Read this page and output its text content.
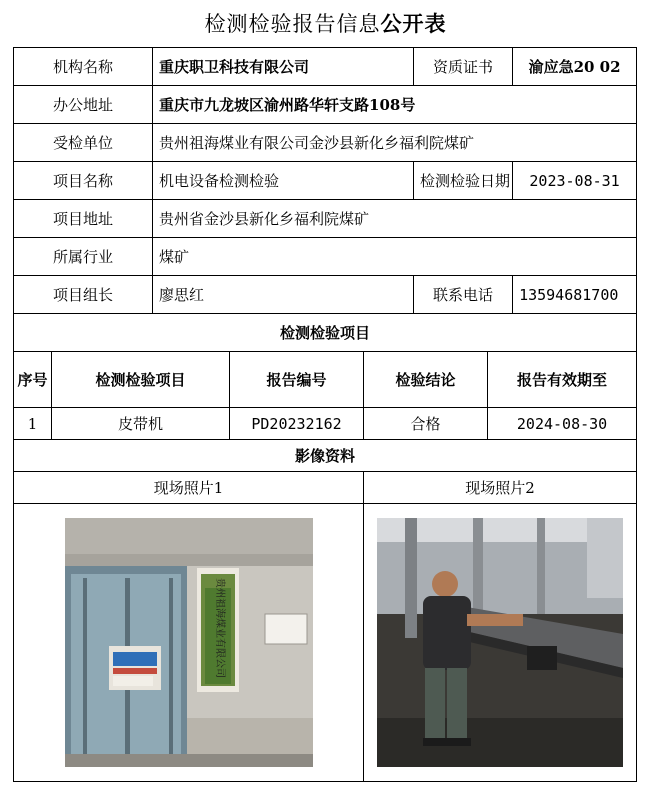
检测检验报告信息公开表
机构名称		重庆职卫科技有限公司			资质证书		渝应急20 02
办公地址		重庆市九龙坡区渝州路华轩支路108号					
受检单位		贵州祖海煤业有限公司金沙县新化乡福利院煤矿					
项目名称		机电设备检测检验			检测检验日期		2023-08-31
项目地址		贵州省金沙县新化乡福利院煤矿					
所属行业		煤矿					
项目组长		廖思红			联系电话		13594681700
检测检验项目							
序号	检测检验项目		报告编号	检验结论		报告有效期至	
1	皮带机		PD20232162	合格		2024-08-30	
影像资料							
现场照片1				现场照片2			

贵州祖海煤业有限公司
